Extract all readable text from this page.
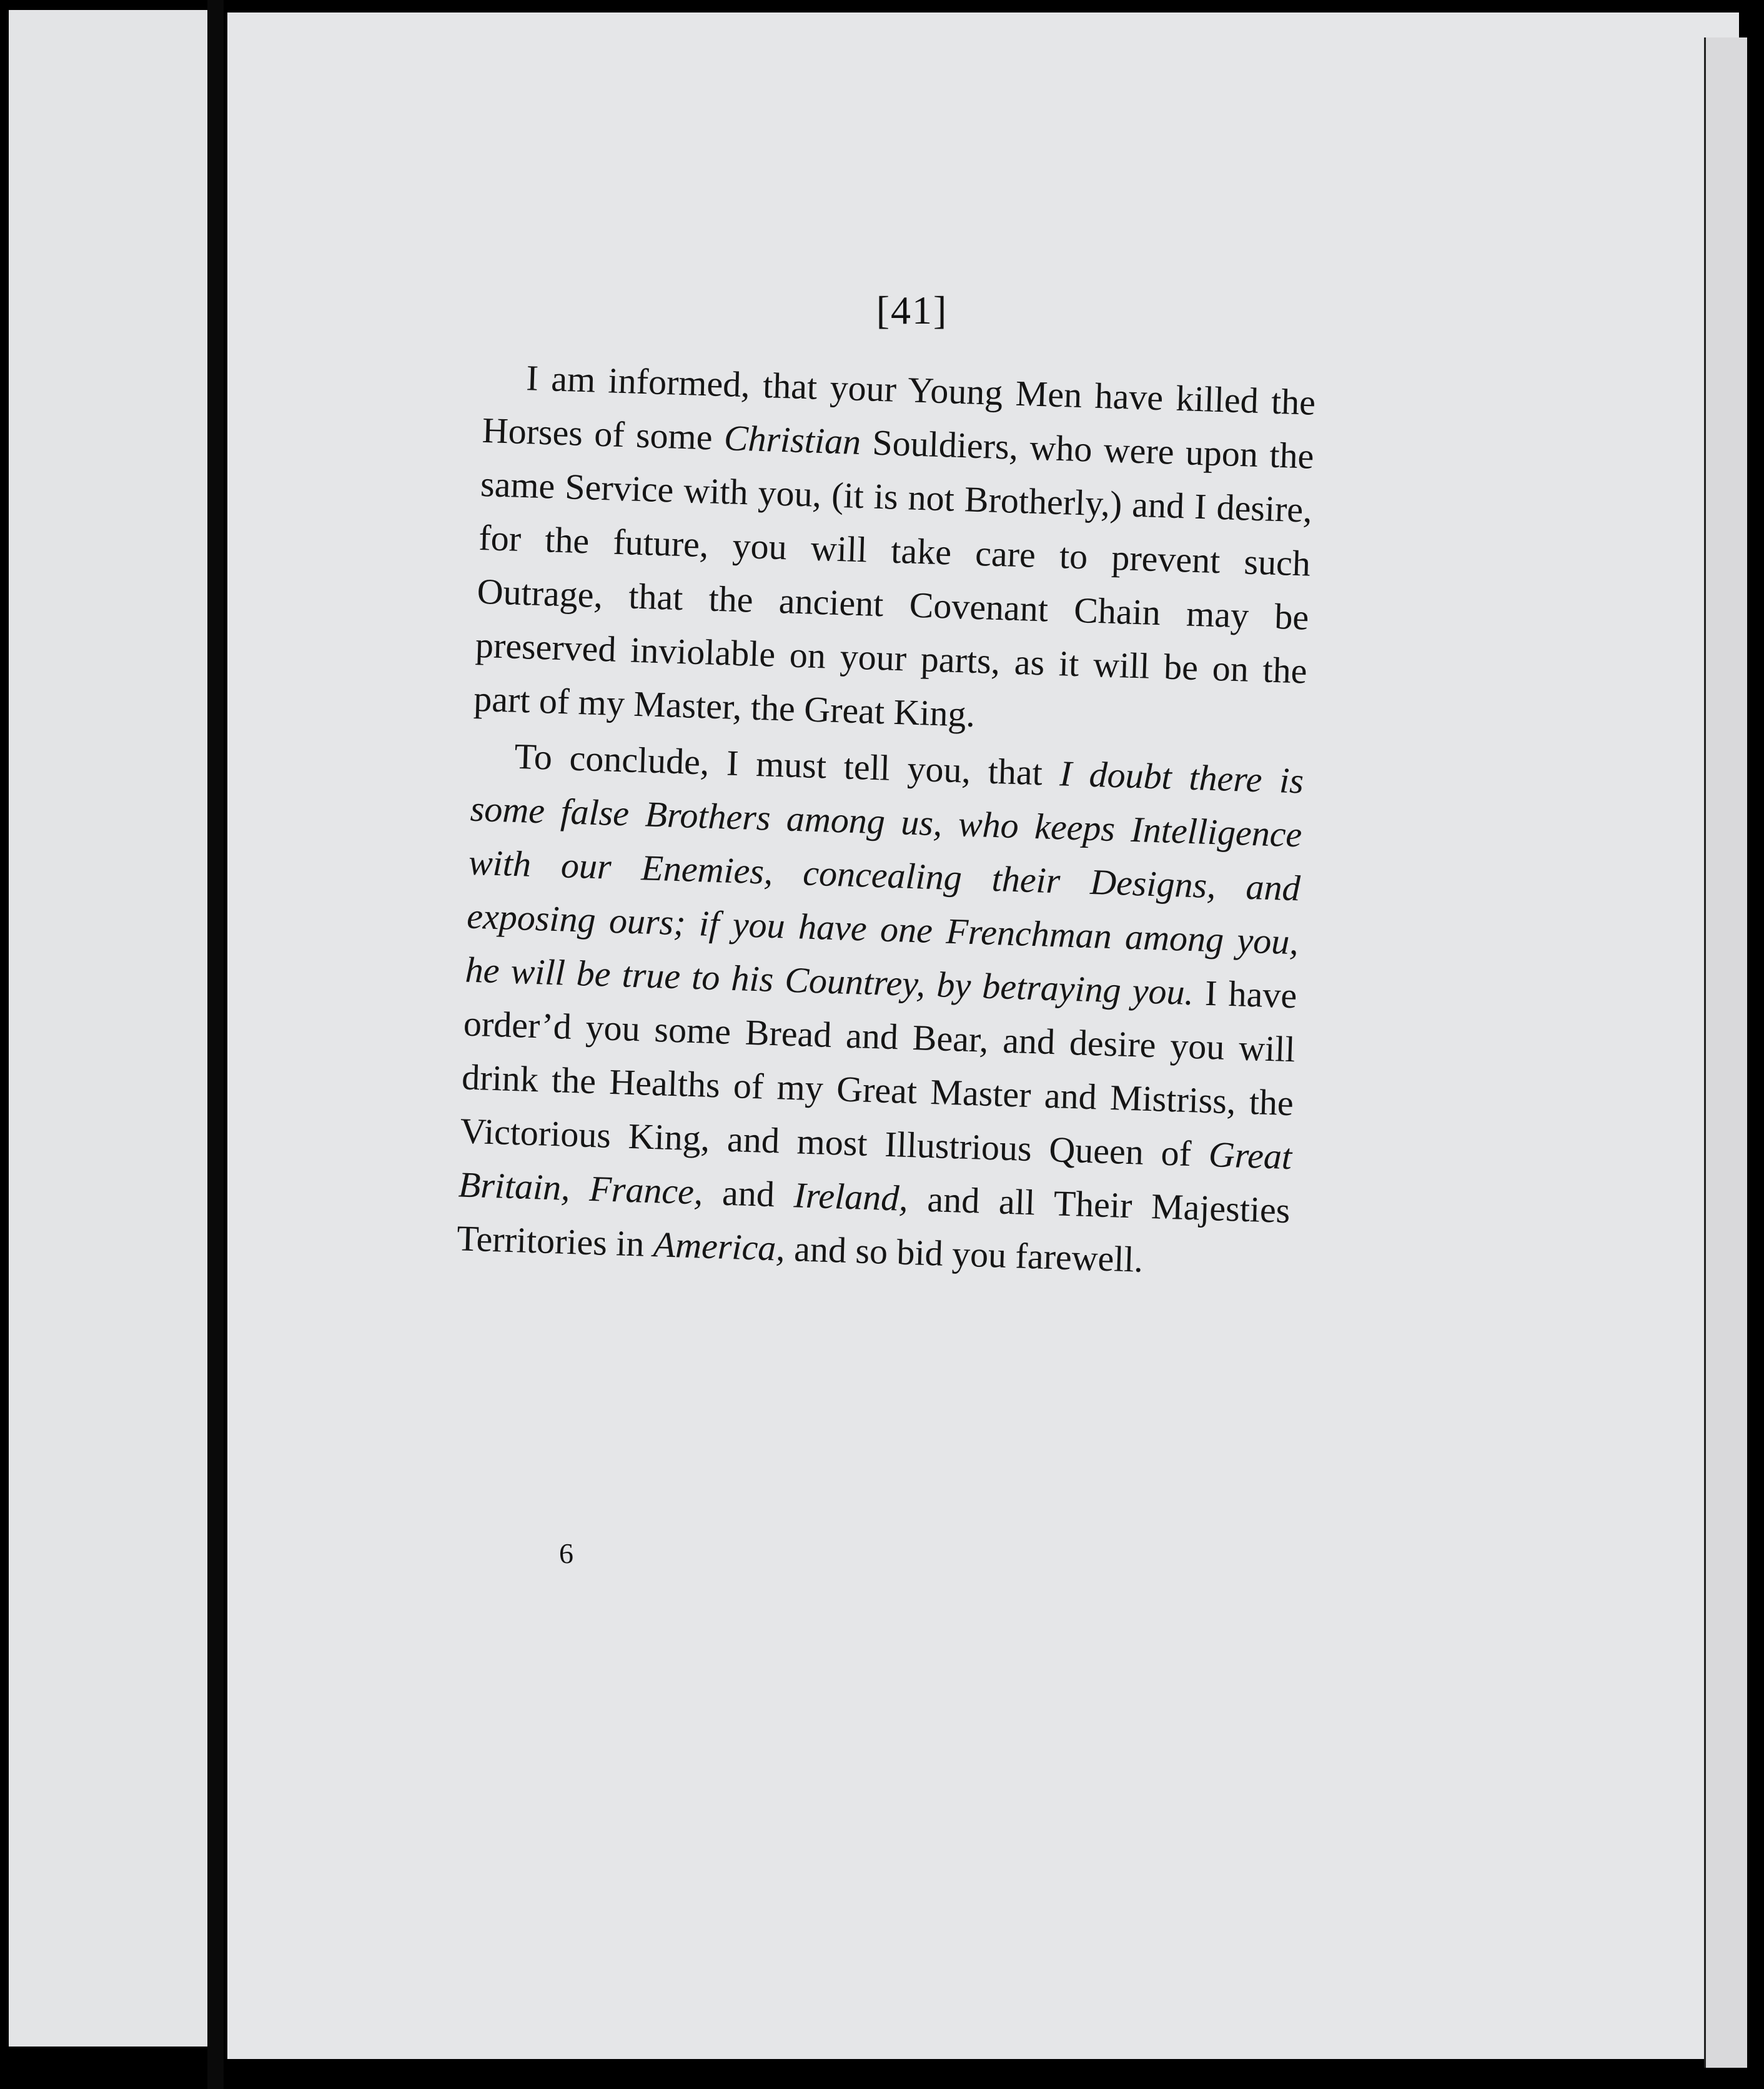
[41]

I am informed, that your Young Men have killed the Horses of some Christian Souldiers, who were upon the same Service with you, (it is not Brotherly,) and I desire, for the future, you will take care to prevent such Outrage, that the ancient Covenant Chain may be preserved inviolable on your parts, as it will be on the part of my Master, the Great King.

To conclude, I must tell you, that I doubt there is some false Brothers among us, who keeps Intelligence with our Enemies, concealing their Designs, and exposing ours; if you have one Frenchman among you, he will be true to his Countrey, by betraying you. I have order’d you some Bread and Bear, and desire you will drink the Healths of my Great Master and Mistriss, the Victorious King, and most Illustrious Queen of Great Britain, France, and Ireland, and all Their Majesties Territories in America, and so bid you farewell.

6
